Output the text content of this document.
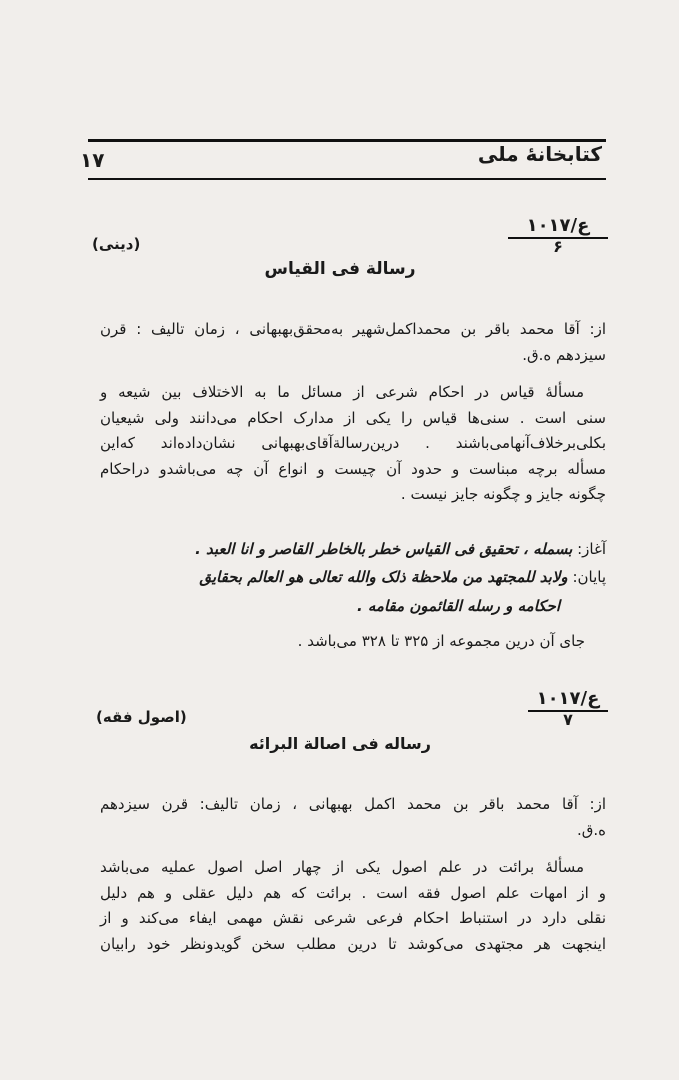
کتابخانهٔ ملی
۱۷
ع/۱۰۱۷
۶
(دینی)
رسالة فی القیاس
از: آقا محمد باقر بن محمداکمل‌شهیر به‌محقق‌بهبهانی ، زمان تالیف : قرن
سیزدهم ه.ق.
مسألهٔ قیاس در احکام شرعی از مسائل ما به الاختلاف بین شیعه و
سنی است . سنی‌ها قیاس را یکی از مدارک احکام می‌دانند ولی شیعیان
بکلی‌برخلاف‌آنهامی‌باشند . درین‌رسالةآقای‌بهبهانی نشان‌داده‌اند که‌این
مسأله برچه مبناست و حدود آن چیست و انواع آن چه می‌باشدو دراحکام
چگونه جایز و چگونه جایز نیست .
آغاز: بسمله ، تحقیق فی القیاس خطر بالخاطر القاصر و انا العبد .
پایان: ولابد للمجتهد من ملاحظة ذلک والله تعالی هو العالم بحقایق
احکامه و رسله القائمون مقامه .
جای آن درین مجموعه از ۳۲۵ تا ۳۲۸ می‌باشد .
ع/۱۰۱۷
۷
(اصول فقه)
رساله فی اصالة البرائه
از: آقا محمد باقر بن محمد اکمل بهبهانی ، زمان تالیف: قرن سیزدهم
ه.ق.
مسألهٔ برائت در علم اصول یکی از چهار اصل اصول عملیه می‌باشد
و از امهات علم اصول فقه است . برائت که هم دلیل عقلی و هم دلیل
نقلی دارد در استنباط احکام فرعی شرعی نقش مهمی ایفاء می‌کند و از
اینجهت هر مجتهدی می‌کوشد تا درین مطلب سخن گویدونظر خود رابیان
